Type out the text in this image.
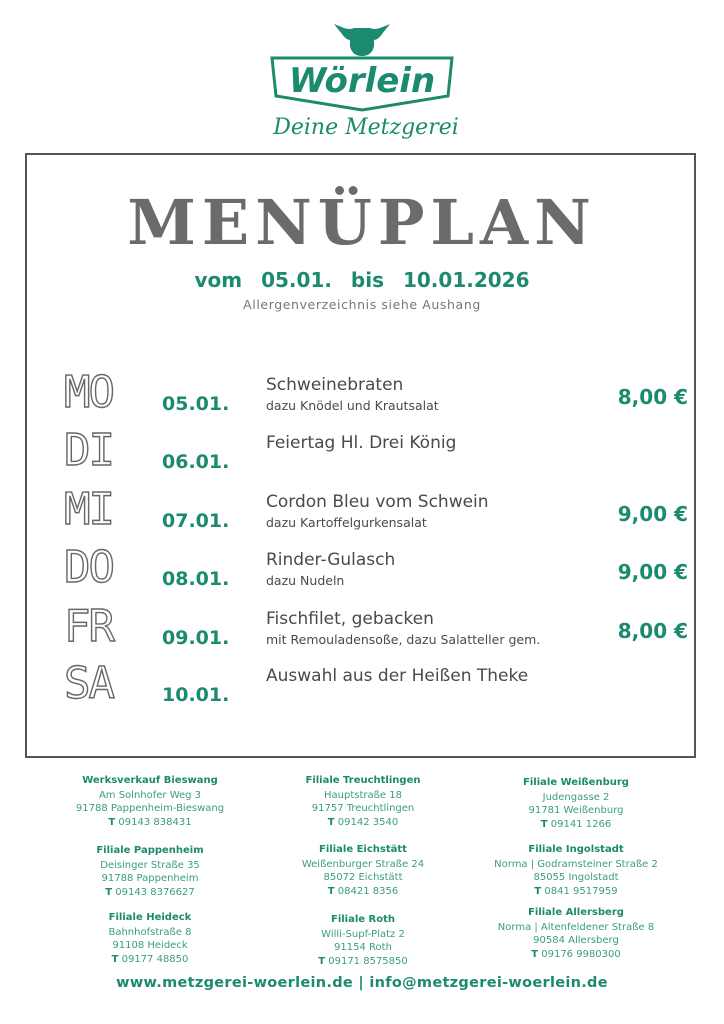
Wörlein
Deine Metzgerei
MENÜPLAN
vom 05.01. bis 10.01.2026
Allergenverzeichnis siehe Aushang
MO	05.01.
Schweinebraten
dazu Knödel und Krautsalat	8,00 €
DI	06.01.
Feiertag Hl. Drei König
MI	07.01.
Cordon Bleu vom Schwein
dazu Kartoffelgurkensalat	9,00 €
DO	08.01.
Rinder-Gulasch
dazu Nudeln	9,00 €
FR	09.01.
Fischfilet, gebacken
mit Remouladensoße, dazu Salatteller gem.	8,00 €
SA	10.01.
Auswahl aus der Heißen Theke
Werksverkauf Bieswang
Am Solnhofer Weg 3
91788 Pappenheim-Bieswang
T 09143 838431
Filiale Treuchtlingen
Hauptstraße 18
91757 Treuchtlingen
T 09142 3540
Filiale Weißenburg
Judengasse 2
91781 Weißenburg
T 09141 1266
Filiale Pappenheim
Deisinger Straße 35
91788 Pappenheim
T 09143 8376627
Filiale Eichstätt
Weißenburger Straße 24
85072 Eichstätt
T 08421 8356
Filiale Ingolstadt
Norma | Godramsteiner Straße 2
85055 Ingolstadt
T 0841 9517959
Filiale Heideck
Bahnhofstraße 8
91108 Heideck
T 09177 48850
Filiale Roth
Willi-Supf-Platz 2
91154 Roth
T 09171 8575850
Filiale Allersberg
Norma | Altenfeldener Straße 8
90584 Allersberg
T 09176 9980300
www.metzgerei-woerlein.de | info@metzgerei-woerlein.de
